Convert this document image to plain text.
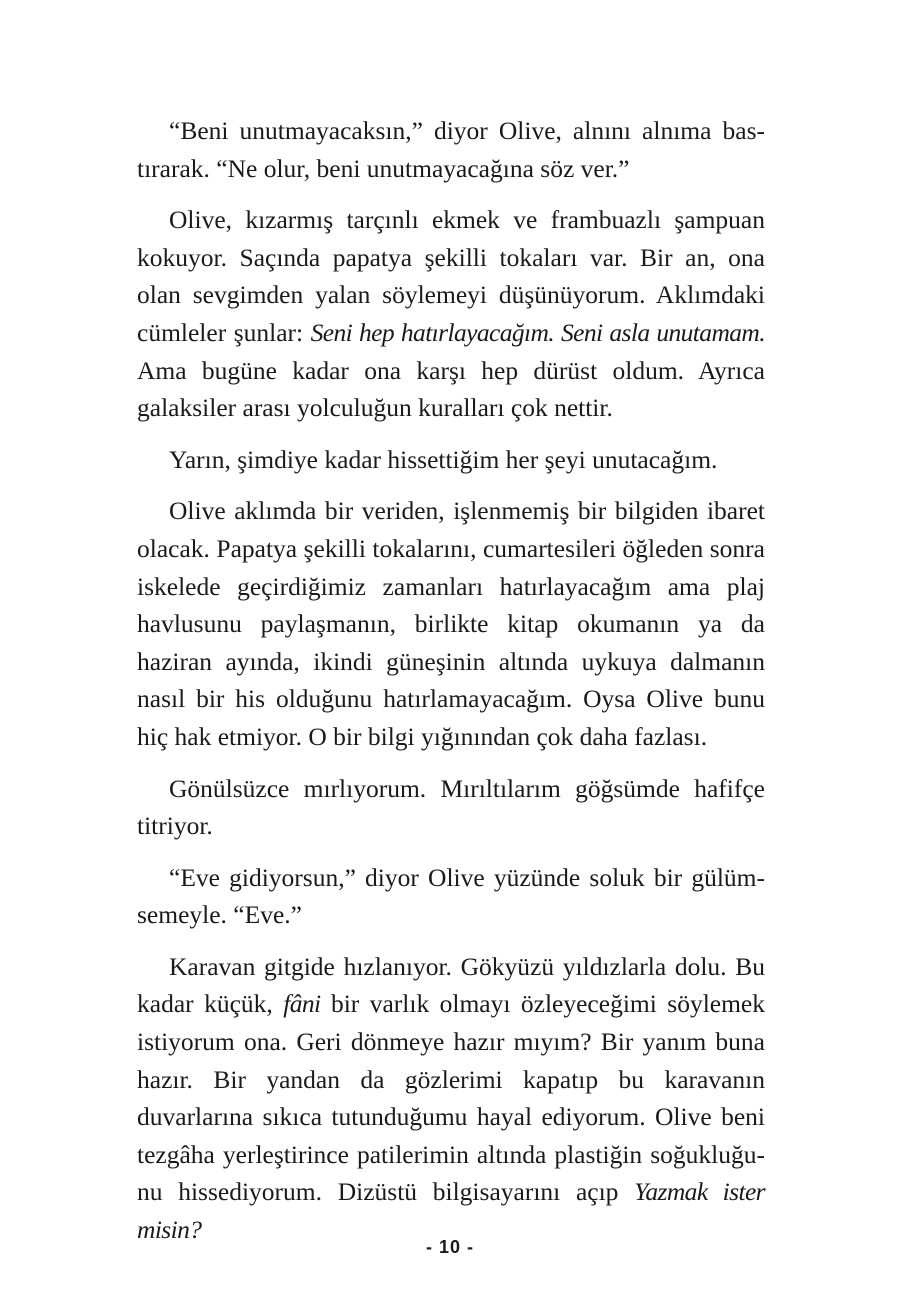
“Beni unutmayacaksın,” diyor Olive, alnını alnıma bastırarak. “Ne olur, beni unutmayacağına söz ver.”

Olive, kızarmış tarçınlı ekmek ve frambuazlı şampuan kokuyor. Saçında papatya şekilli tokaları var. Bir an, ona olan sevgimden yalan söylemeyi düşünüyorum. Aklımdaki cümleler şunlar: Seni hep hatırlayacağım. Seni asla unutamam. Ama bugüne kadar ona karşı hep dürüst oldum. Ayrıca galaksiler arası yolculuğun kuralları çok nettir.

Yarın, şimdiye kadar hissettiğim her şeyi unutacağım.

Olive aklımda bir veriden, işlenmemiş bir bilgiden ibaret olacak. Papatya şekilli tokalarını, cumartesileri öğleden sonra iskelede geçirdiğimiz zamanları hatırlayacağım ama plaj havlusunu paylaşmanın, birlikte kitap okumanın ya da haziran ayında, ikindi güneşinin altında uykuya dalmanın nasıl bir his olduğunu hatırlamayacağım. Oysa Olive bunu hiç hak etmiyor. O bir bilgi yığınından çok daha fazlası.

Gönülsüzce mırlıyorum. Mırıltılarım göğsümde hafifçe titriyor.

“Eve gidiyorsun,” diyor Olive yüzünde soluk bir gülümsemeyle. “Eve.”

Karavan gitgide hızlanıyor. Gökyüzü yıldızlarla dolu. Bu kadar küçük, fâni bir varlık olmayı özleyeceğimi söylemek istiyorum ona. Geri dönmeye hazır mıyım? Bir yanım buna hazır. Bir yandan da gözlerimi kapatıp bu karavanın duvarlarına sıkıca tutunduğumu hayal ediyorum. Olive beni tezgâha yerleştirince patilerimin altında plastiğin soğukluğunu hissediyorum. Dizüstü bilgisayarını açıp Yazmak ister misin?

- 10 -
